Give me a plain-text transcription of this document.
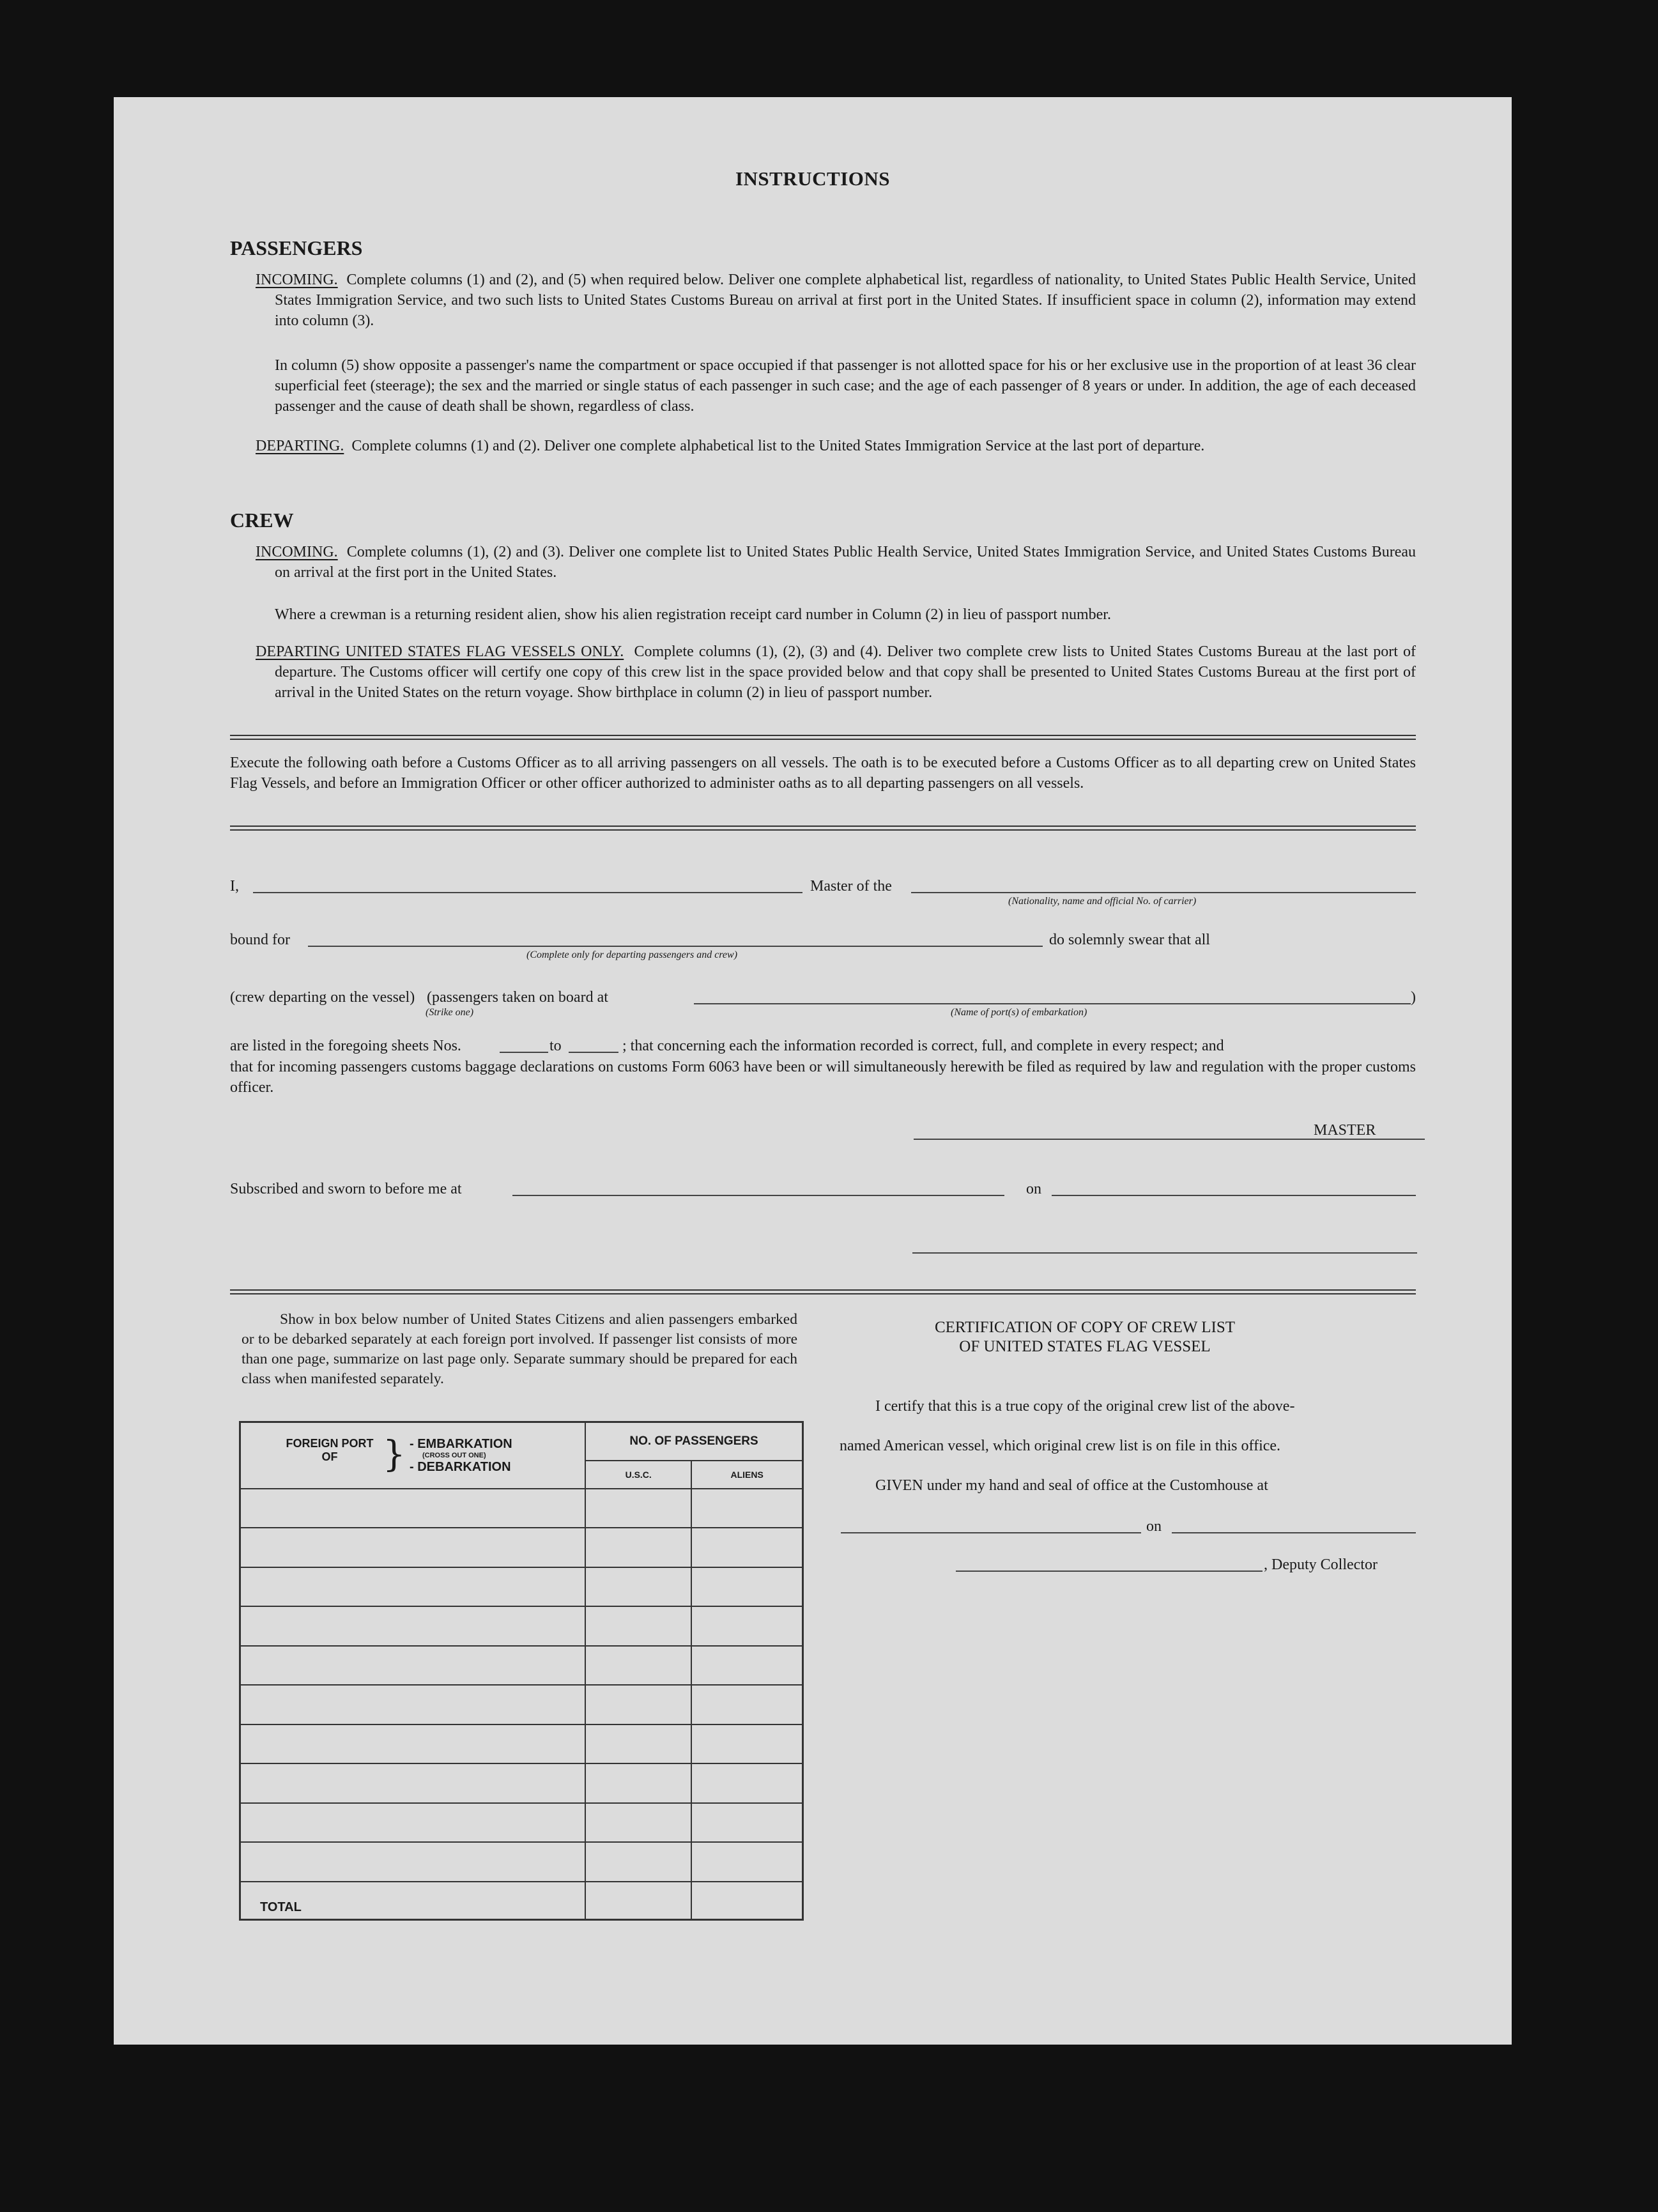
INSTRUCTIONS
PASSENGERS
INCOMING. Complete columns (1) and (2), and (5) when required below. Deliver one complete alphabetical list, regardless of nationality, to United States Public Health Service, United States Immigration Service, and two such lists to United States Customs Bureau on arrival at first port in the United States. If insufficient space in column (2), information may extend into column (3).
In column (5) show opposite a passenger's name the compartment or space occupied if that passenger is not allotted space for his or her exclusive use in the proportion of at least 36 clear superficial feet (steerage); the sex and the married or single status of each passenger in such case; and the age of each passenger of 8 years or under. In addition, the age of each deceased passenger and the cause of death shall be shown, regardless of class.
DEPARTING. Complete columns (1) and (2). Deliver one complete alphabetical list to the United States Immigration Service at the last port of departure.
CREW
INCOMING. Complete columns (1), (2) and (3). Deliver one complete list to United States Public Health Service, United States Immigration Service, and United States Customs Bureau on arrival at the first port in the United States.
Where a crewman is a returning resident alien, show his alien registration receipt card number in Column (2) in lieu of passport number.
DEPARTING UNITED STATES FLAG VESSELS ONLY. Complete columns (1), (2), (3) and (4). Deliver two complete crew lists to United States Customs Bureau at the last port of departure. The Customs officer will certify one copy of this crew list in the space provided below and that copy shall be presented to United States Customs Bureau at the first port of arrival in the United States on the return voyage. Show birthplace in column (2) in lieu of passport number.
Execute the following oath before a Customs Officer as to all arriving passengers on all vessels. The oath is to be executed before a Customs Officer as to all departing crew on United States Flag Vessels, and before an Immigration Officer or other officer authorized to administer oaths as to all departing passengers on all vessels.
I,	Master of the
(Nationality, name and official No. of carrier)
bound for
(Complete only for departing passengers and crew)
do solemnly swear that all
(crew departing on the vessel) (passengers taken on board at	)
(Strike one)	(Name of port(s) of embarkation)
are listed in the foregoing sheets Nos.	to	; that concerning each the information recorded is correct, full, and complete in every respect; and
that for incoming passengers customs baggage declarations on customs Form 6063 have been or will simultaneously herewith be filed as required by law and regulation with the proper customs officer.
MASTER
Subscribed and sworn to before me at	on
Show in box below number of United States Citizens and alien passengers embarked or to be debarked separately at each foreign port involved. If passenger list consists of more than one page, summarize on last page only. Separate summary should be prepared for each class when manifested separately.
FOREIGN PORT OF } - EMBARKATION
(CROSS OUT ONE)
- DEBARKATION	NO. OF PASSENGERS	
	U.S.C.	ALIENS

TOTAL		
CERTIFICATION OF COPY OF CREW LIST
OF UNITED STATES FLAG VESSEL
I certify that this is a true copy of the original crew list of the above-
named American vessel, which original crew list is on file in this office.
GIVEN under my hand and seal of office at the Customhouse at
on
, Deputy Collector
